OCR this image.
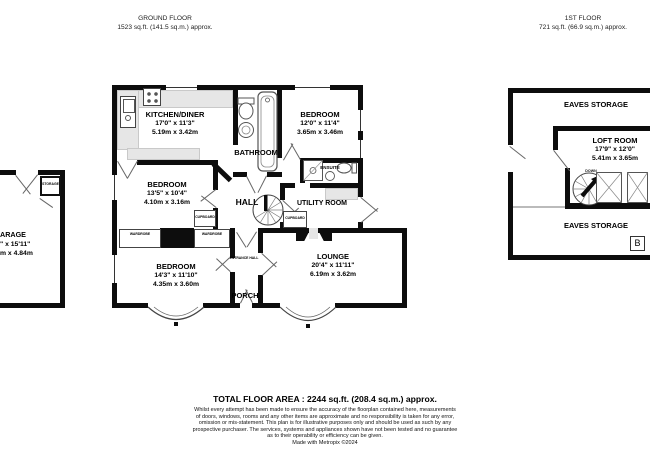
GROUND FLOOR
1523 sq.ft. (141.5 sq.m.) approx.
1ST FLOOR
721 sq.ft. (66.9 sq.m.) approx.
WARDROBE	WARDROBE
CUPBOARD	CUPBOARD
STORAGE
ARAGE
" x 15'11"
m x 4.84m
KITCHEN/DINER
17'0" x 11'3"
5.19m x 3.42m
BATHROOM
BEDROOM
12'0" x 11'4"
3.65m x 3.46m
ENSUITE
BEDROOM
13'5" x 10'4"
4.10m x 3.16m	HALL	UTILITY ROOM
BEDROOM
14'3" x 11'10"
4.35m x 3.60m
ENTRANCE HALL
PORCH
LOUNGE
20'4" x 11'11"
6.19m x 3.62m
DOWN
EAVES STORAGE
LOFT ROOM
17'9" x 12'0"
5.41m x 3.65m
EAVES STORAGE
B
TOTAL FLOOR AREA : 2244 sq.ft. (208.4 sq.m.) approx.
Whilst every attempt has been made to ensure the accuracy of the floorplan contained here, measurements
of doors, windows, rooms and any other items are approximate and no responsibility is taken for any error,
omission or mis-statement. This plan is for illustrative purposes only and should be used as such by any
prospective purchaser. The services, systems and appliances shown have not been tested and no guarantee
as to their operability or efficiency can be given.
Made with Metropix ©2024
